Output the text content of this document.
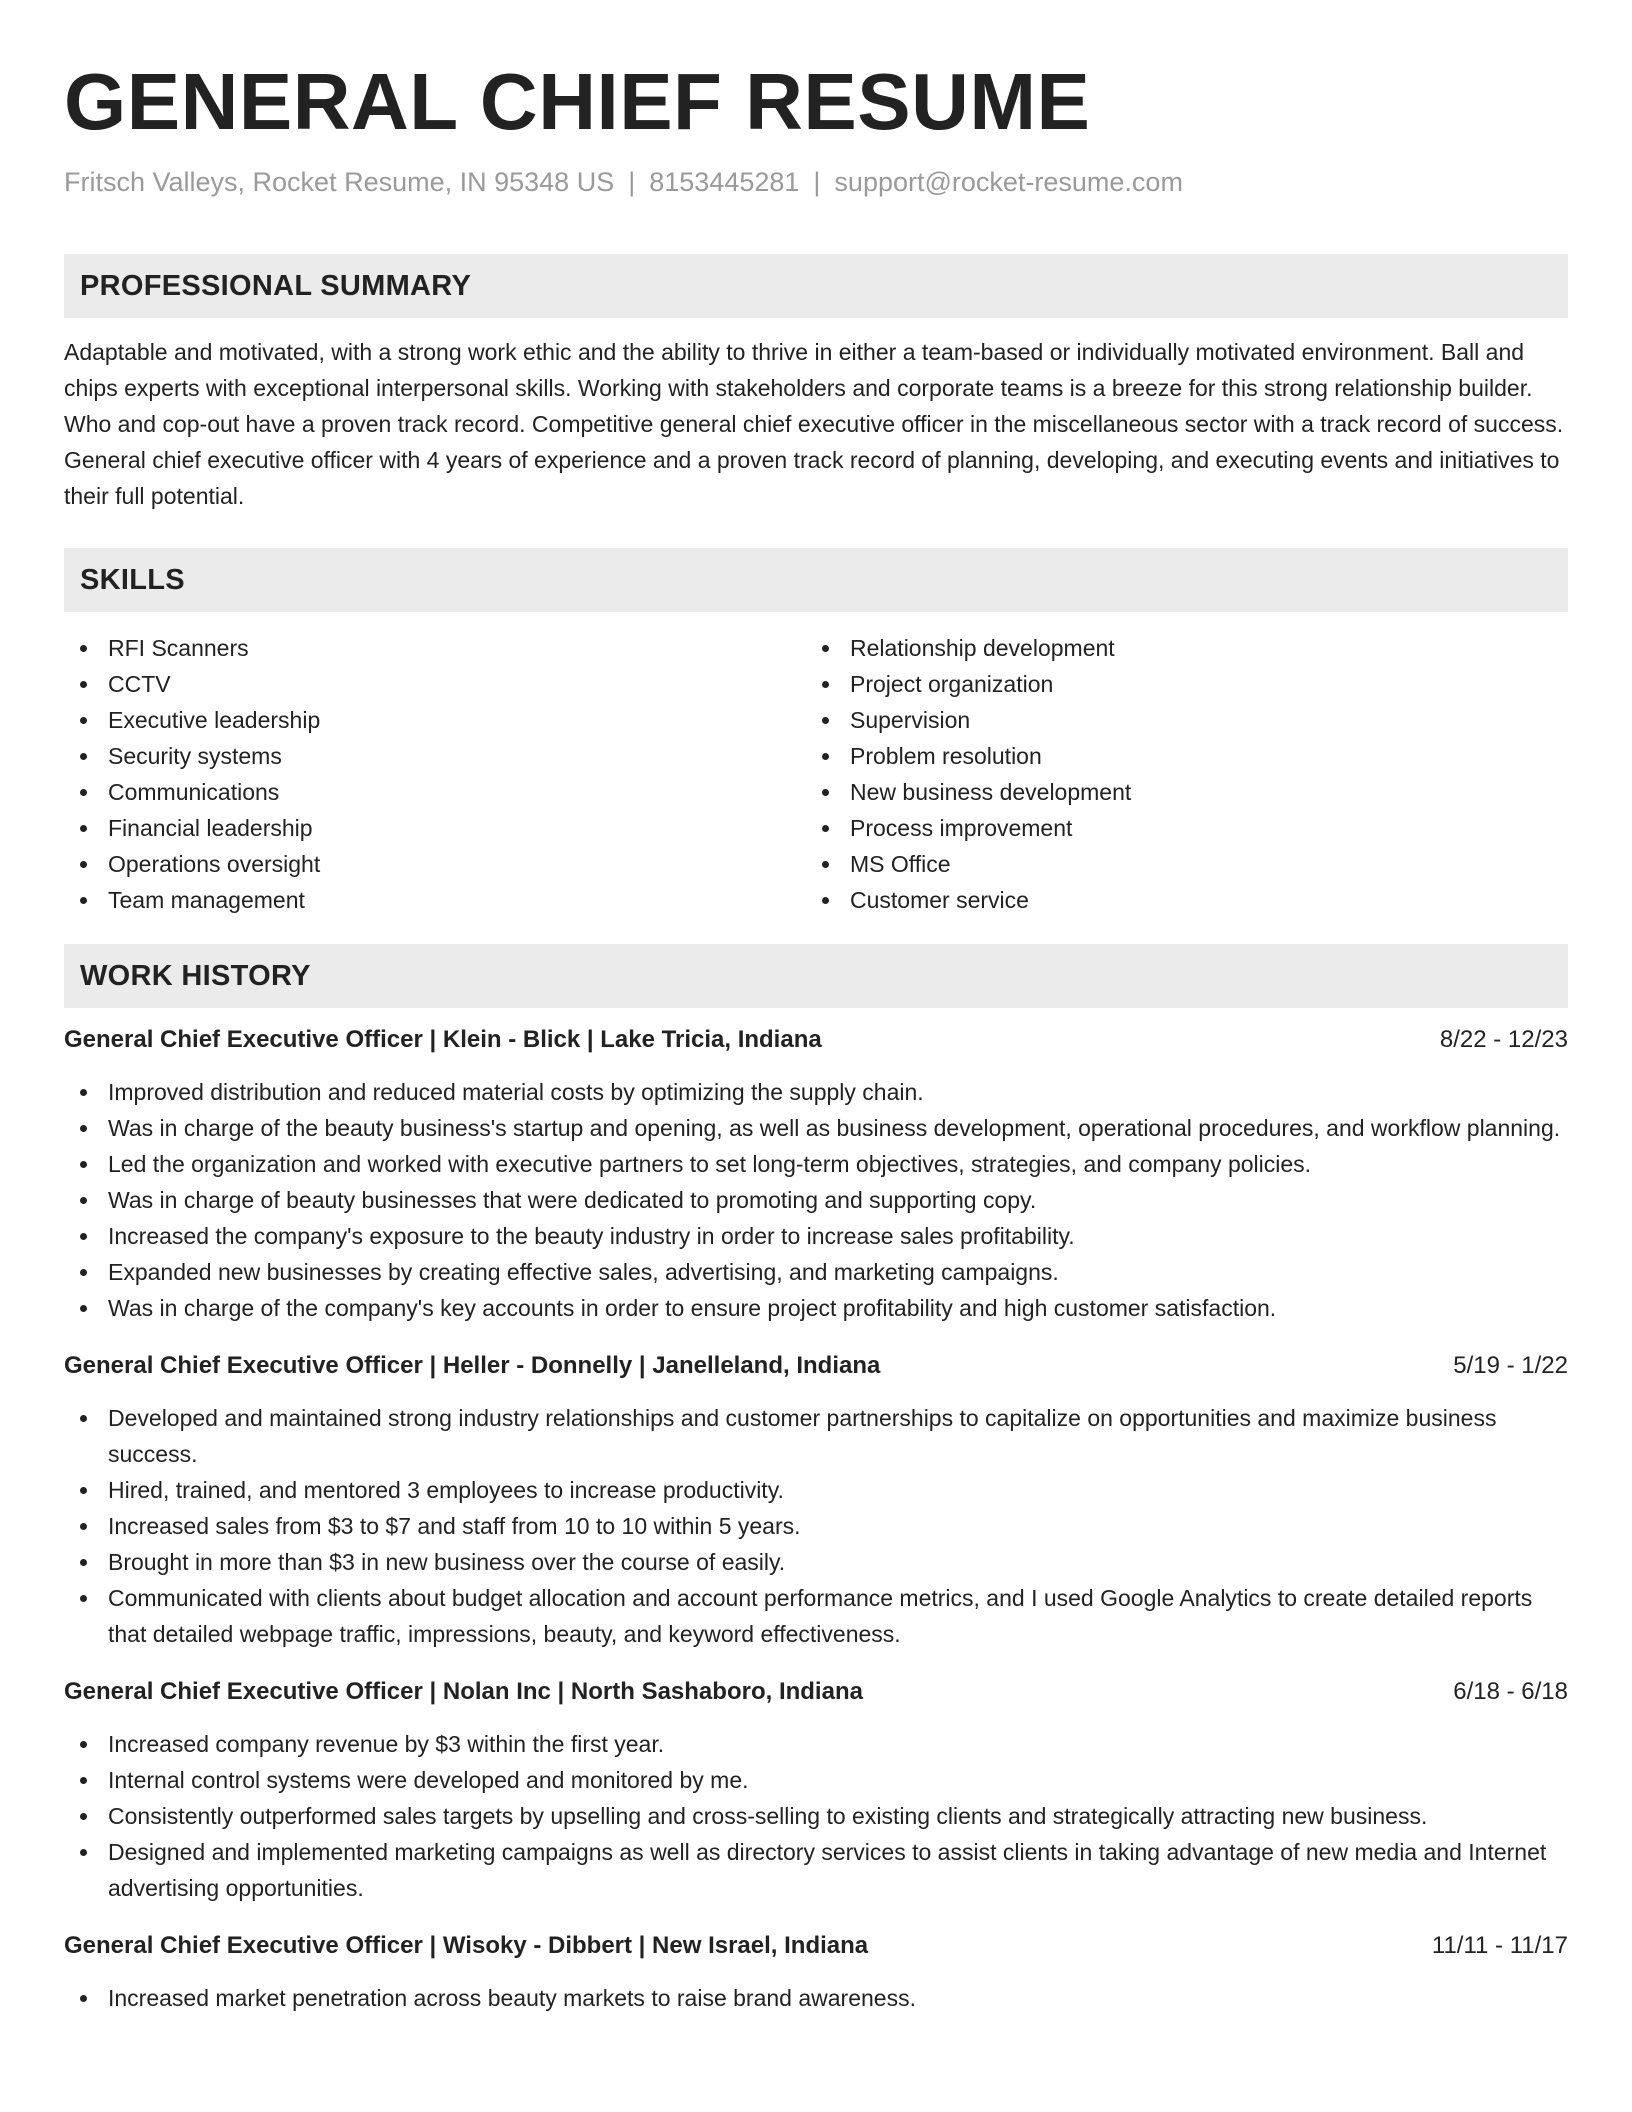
GENERAL CHIEF RESUME
Fritsch Valleys, Rocket Resume, IN 95348 US | 8153445281 | support@rocket-resume.com
PROFESSIONAL SUMMARY

Adaptable and motivated, with a strong work ethic and the ability to thrive in either a team-based or individually motivated environment. Ball and chips experts with exceptional interpersonal skills. Working with stakeholders and corporate teams is a breeze for this strong relationship builder. Who and cop-out have a proven track record. Competitive general chief executive officer in the miscellaneous sector with a track record of success. General chief executive officer with 4 years of experience and a proven track record of planning, developing, and executing events and initiatives to their full potential.

SKILLS
RFI Scanners
CCTV
Executive leadership
Security systems
Communications
Financial leadership
Operations oversight
Team management
Relationship development
Project organization
Supervision
Problem resolution
New business development
Process improvement
MS Office
Customer service
WORK HISTORY
General Chief Executive Officer | Klein - Blick | Lake Tricia, Indiana	8/22 - 12/23
Improved distribution and reduced material costs by optimizing the supply chain.
Was in charge of the beauty business's startup and opening, as well as business development, operational procedures, and workflow planning.
Led the organization and worked with executive partners to set long-term objectives, strategies, and company policies.
Was in charge of beauty businesses that were dedicated to promoting and supporting copy.
Increased the company's exposure to the beauty industry in order to increase sales profitability.
Expanded new businesses by creating effective sales, advertising, and marketing campaigns.
Was in charge of the company's key accounts in order to ensure project profitability and high customer satisfaction.
General Chief Executive Officer | Heller - Donnelly | Janelleland, Indiana	5/19 - 1/22
Developed and maintained strong industry relationships and customer partnerships to capitalize on opportunities and maximize business success.
Hired, trained, and mentored 3 employees to increase productivity.
Increased sales from $3 to $7 and staff from 10 to 10 within 5 years.
Brought in more than $3 in new business over the course of easily.
Communicated with clients about budget allocation and account performance metrics, and I used Google Analytics to create detailed reports that detailed webpage traffic, impressions, beauty, and keyword effectiveness.
General Chief Executive Officer | Nolan Inc | North Sashaboro, Indiana	6/18 - 6/18
Increased company revenue by $3 within the first year.
Internal control systems were developed and monitored by me.
Consistently outperformed sales targets by upselling and cross-selling to existing clients and strategically attracting new business.
Designed and implemented marketing campaigns as well as directory services to assist clients in taking advantage of new media and Internet advertising opportunities.
General Chief Executive Officer | Wisoky - Dibbert | New Israel, Indiana	11/11 - 11/17
Increased market penetration across beauty markets to raise brand awareness.
